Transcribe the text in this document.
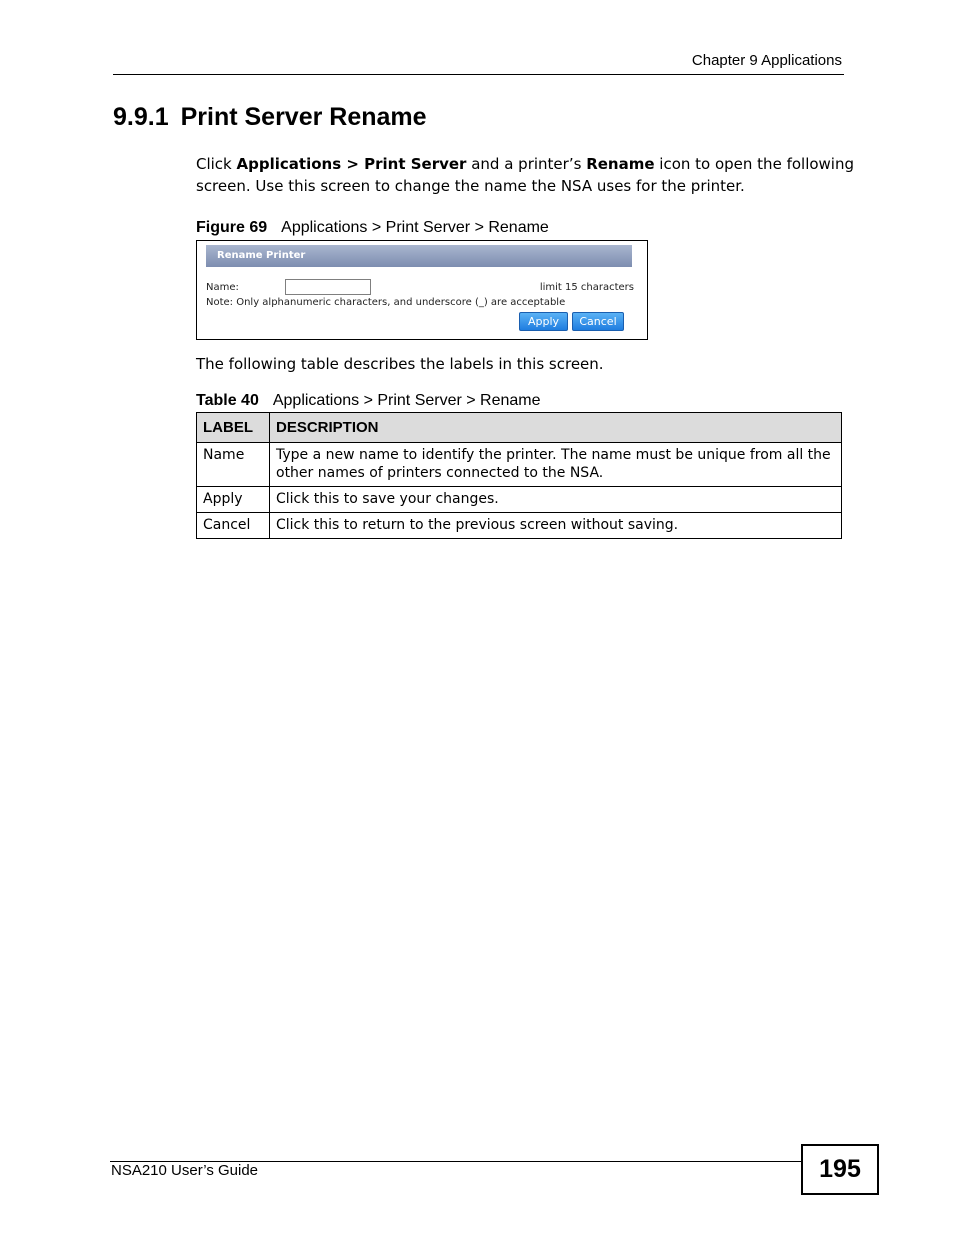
Chapter 9 Applications
9.9.1 Print Server Rename

Click Applications > Print Server and a printer’s Rename icon to open the following screen. Use this screen to change the name the NSA uses for the printer.

Figure 69 Applications > Print Server > Rename
Rename Printer
Name:	limit 15 characters
Note: Only alphanumeric characters, and underscore (_) are acceptable
Apply	Cancel
The following table describes the labels in this screen.
Table 40 Applications > Print Server > Rename
LABEL	DESCRIPTION
Name	Type a new name to identify the printer. The name must be unique from all the other names of printers connected to the NSA.
Apply	Click this to save your changes.
Cancel	Click this to return to the previous screen without saving.
NSA210 User’s Guide	195
